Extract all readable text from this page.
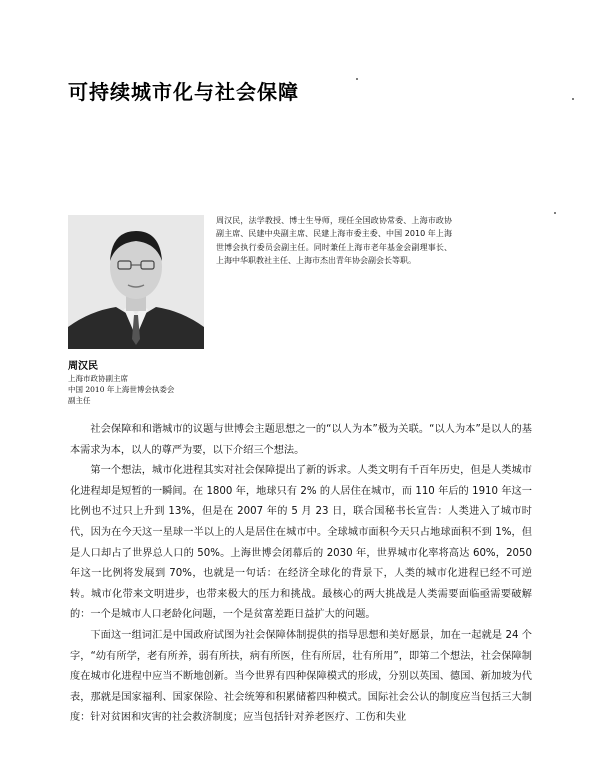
可持续城市化与社会保障

周汉民，法学教授、博士生导师，现任全国政协常委、上海市政协副主席、民建中央副主席、民建上海市委主委、中国 2010 年上海世博会执行委员会副主任。同时兼任上海市老年基金会副理事长、上海中华职教社主任、上海市杰出青年协会副会长等职。

周汉民

上海市政协副主席
中国 2010 年上海世博会执委会
副主任

社会保障和和谐城市的议题与世博会主题思想之一的“以人为本”极为关联。“以人为本”是以人的基本需求为本，以人的尊严为要，以下介绍三个想法。

第一个想法，城市化进程其实对社会保障提出了新的诉求。人类文明有千百年历史，但是人类城市化进程却是短暂的一瞬间。在 1800 年，地球只有 2% 的人居住在城市，而 110 年后的 1910 年这一比例也不过只上升到 13%，但是在 2007 年的 5 月 23 日，联合国秘书长宣告：人类进入了城市时代，因为在今天这一星球一半以上的人是居住在城市中。全球城市面积今天只占地球面积不到 1%，但是人口却占了世界总人口的 50%。上海世博会闭幕后的 2030 年，世界城市化率将高达 60%，2050 年这一比例将发展到 70%，也就是一句话：在经济全球化的背景下，人类的城市化进程已经不可逆转。城市化带来文明进步，也带来极大的压力和挑战。最核心的两大挑战是人类需要面临亟需要破解的：一个是城市人口老龄化问题，一个是贫富差距日益扩大的问题。

下面这一组词汇是中国政府试图为社会保障体制提供的指导思想和美好愿景，加在一起就是 24 个字，“幼有所学，老有所养，弱有所扶，病有所医，住有所居，壮有所用”，即第二个想法，社会保障制度在城市化进程中应当不断地创新。当今世界有四种保障模式的形成，分别以英国、德国、新加坡为代表，那就是国家福利、国家保险、社会统筹和积累储蓄四种模式。国际社会公认的制度应当包括三大制度：针对贫困和灾害的社会救济制度；应当包括针对养老医疗、工伤和失业
